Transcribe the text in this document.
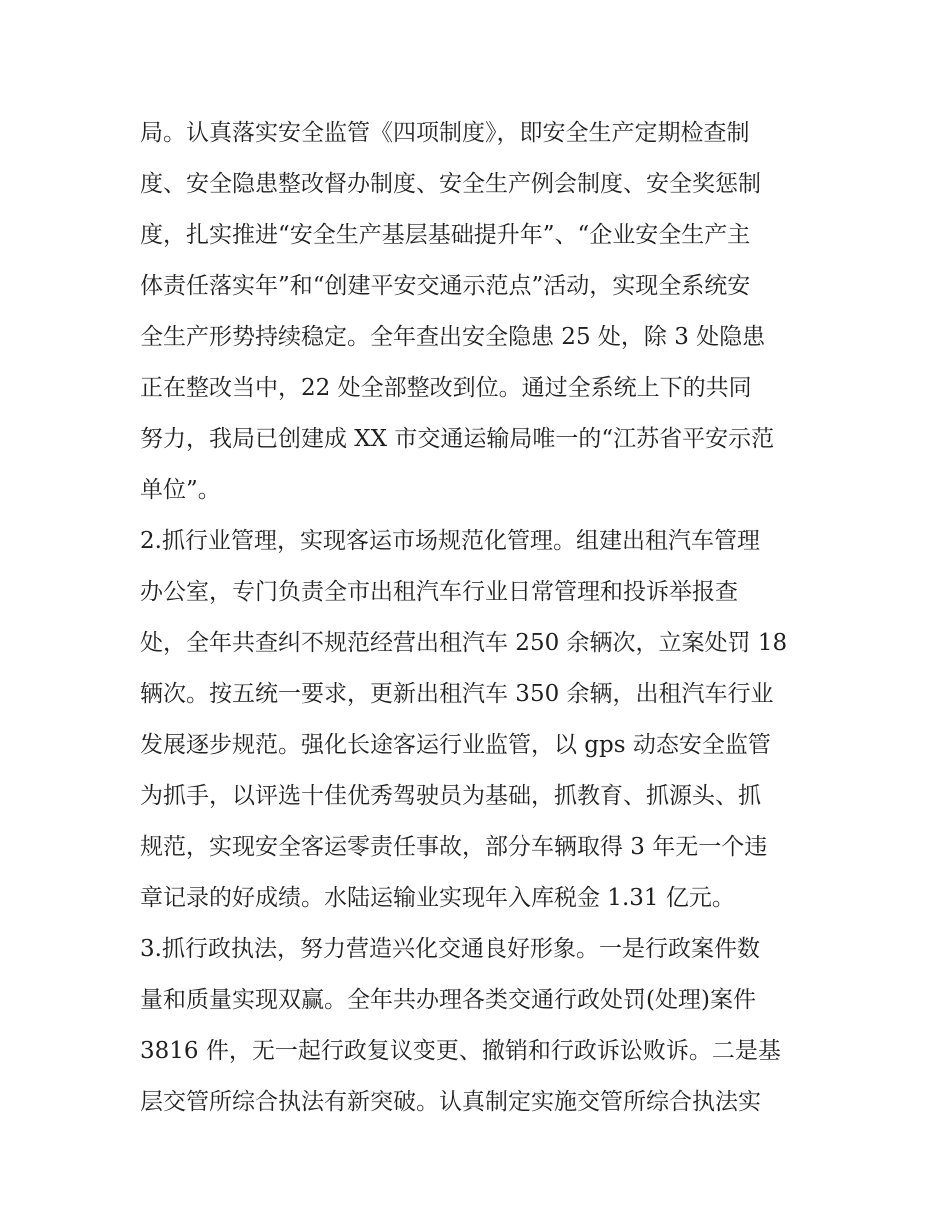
局。认真落实安全监管《四项制度》，即安全生产定期检查制
度、安全隐患整改督办制度、安全生产例会制度、安全奖惩制
度，扎实推进“安全生产基层基础提升年”、“企业安全生产主
体责任落实年”和“创建平安交通示范点”活动，实现全系统安
全生产形势持续稳定。全年查出安全隐患 25 处，除 3 处隐患
正在整改当中，22 处全部整改到位。通过全系统上下的共同
努力，我局已创建成 XX 市交通运输局唯一的“江苏省平安示范
单位”。
2.抓行业管理，实现客运市场规范化管理。组建出租汽车管理
办公室，专门负责全市出租汽车行业日常管理和投诉举报查
处，全年共查纠不规范经营出租汽车 250 余辆次，立案处罚 18
辆次。按五统一要求，更新出租汽车 350 余辆，出租汽车行业
发展逐步规范。强化长途客运行业监管，以 gps 动态安全监管
为抓手，以评选十佳优秀驾驶员为基础，抓教育、抓源头、抓
规范，实现安全客运零责任事故，部分车辆取得 3 年无一个违
章记录的好成绩。水陆运输业实现年入库税金 1.31 亿元。
3.抓行政执法，努力营造兴化交通良好形象。一是行政案件数
量和质量实现双赢。全年共办理各类交通行政处罚(处理)案件
3816 件，无一起行政复议变更、撤销和行政诉讼败诉。二是基
层交管所综合执法有新突破。认真制定实施交管所综合执法实
